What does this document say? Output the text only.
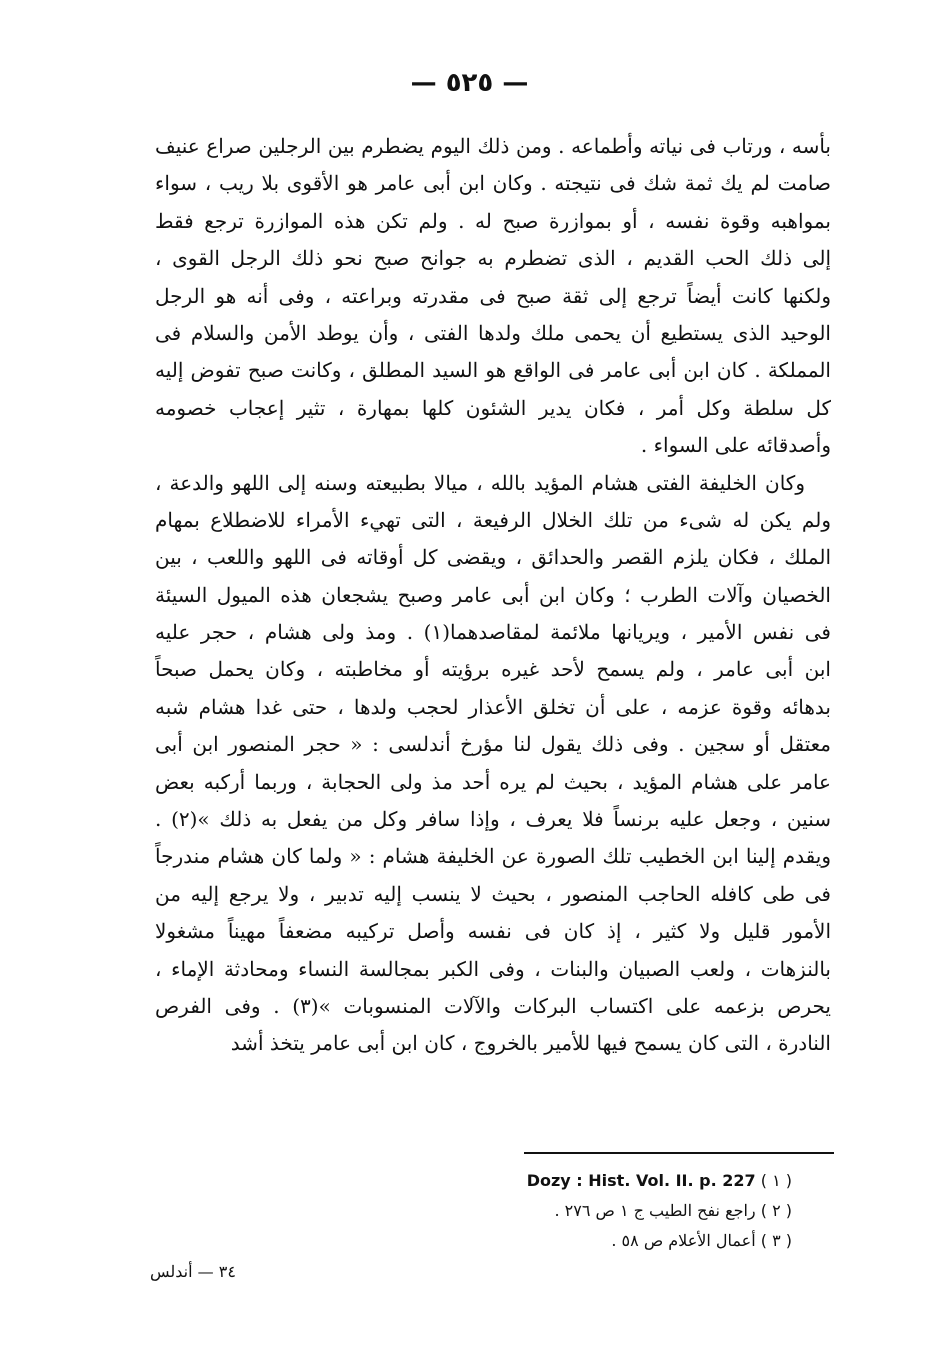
— ٥٢٥ —
بأسه ، ورتاب فى نياته وأطماعه . ومن ذلك اليوم يضطرم بين الرجلين صراع عنيف
صامت لم يك ثمة شك فى نتيجته . وكان ابن أبى عامر هو الأقوى بلا ريب ، سواء
بمواهبه وقوة نفسه ، أو بموازرة صبح له . ولم تكن هذه الموازرة ترجع فقط
إلى ذلك الحب القديم ، الذى تضطرم به جوانح صبح نحو ذلك الرجل القوى ،
ولكنها كانت أيضاً ترجع إلى ثقة صبح فى مقدرته وبراعته ، وفى أنه هو الرجل
الوحيد الذى يستطيع أن يحمى ملك ولدها الفتى ، وأن يوطد الأمن والسلام فى
المملكة . كان ابن أبى عامر فى الواقع هو السيد المطلق ، وكانت صبح تفوض إليه
كل سلطة وكل أمر ، فكان يدير الشئون كلها بمهارة ، تثير إعجاب خصومه
وأصدقائه على السواء .
وكان الخليفة الفتى هشام المؤيد بالله ، ميالا بطبيعته وسنه إلى اللهو والدعة ،
ولم يكن له شىء من تلك الخلال الرفيعة ، التى تهيء الأمراء للاضطلاع بمهام
الملك ، فكان يلزم القصر والحدائق ، ويقضى كل أوقاته فى اللهو واللعب ، بين
الخصيان وآلات الطرب ؛ وكان ابن أبى عامر وصبح يشجعان هذه الميول السيئة
فى نفس الأمير ، ويريانها ملائمة لمقاصدهما(١) . ومذ ولى هشام ، حجر عليه
ابن أبى عامر ، ولم يسمح لأحد غيره برؤيته أو مخاطبته ، وكان يحمل صبحاً
بدهائه وقوة عزمه ، على أن تخلق الأعذار لحجب ولدها ، حتى غدا هشام شبه
معتقل أو سجين . وفى ذلك يقول لنا مؤرخ أندلسى : « حجر المنصور ابن أبى
عامر على هشام المؤيد ، بحيث لم يره أحد مذ ولى الحجابة ، وربما أركبه بعض
سنين ، وجعل عليه برنساً فلا يعرف ، وإذا سافر وكل من يفعل به ذلك »(٢) .
ويقدم إلينا ابن الخطيب تلك الصورة عن الخليفة هشام : « ولما كان هشام مندرجاً
فى طى كافله الحاجب المنصور ، بحيث لا ينسب إليه تدبير ، ولا يرجع إليه من
الأمور قليل ولا كثير ، إذ كان فى نفسه وأصل تركيبه مضعفاً مهيناً مشغولا
بالنزهات ، ولعب الصبيان والبنات ، وفى الكبر بمجالسة النساء ومحادثة الإماء ،
يحرص بزعمه على اكتساب البركات والآلات المنسوبات »(٣) . وفى الفرص
النادرة ، التى كان يسمح فيها للأمير بالخروج ، كان ابن أبى عامر يتخذ أشد
( ١ ) Dozy : Hist. Vol. II. p. 227
( ٢ ) راجع نفح الطيب ج ١ ص ٢٧٦ .
( ٣ ) أعمال الأعلام ص ٥٨ .
٣٤ — أندلس
